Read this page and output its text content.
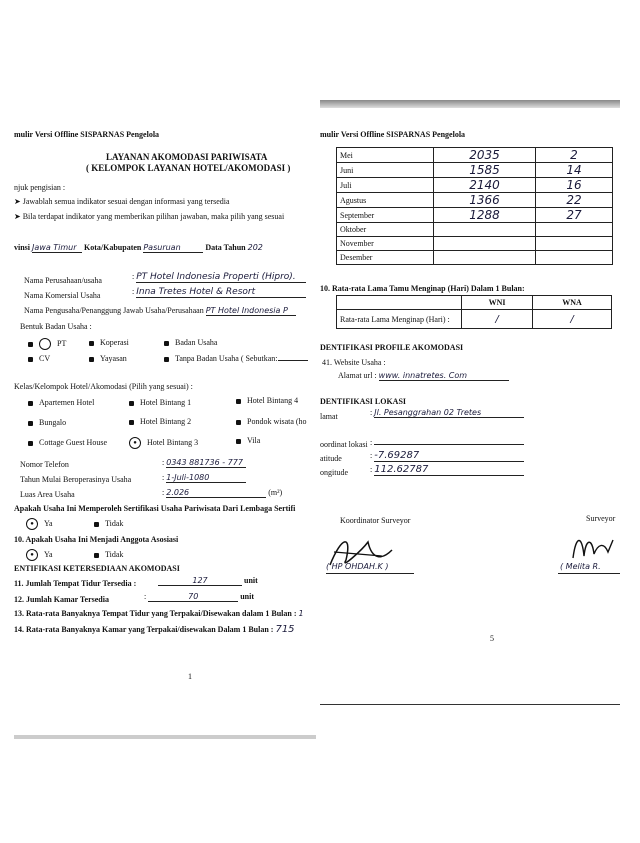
mulir Versi Offline SISPARNAS Pengelola
LAYANAN AKOMODASI PARIWISATA
( KELOMPOK LAYANAN HOTEL/AKOMODASI )
njuk pengisian :
➤ Jawablah semua indikator sesuai dengan informasi yang tersedia
➤ Bila terdapat indikator yang memberikan pilihan jawaban, maka pilih yang sesuai
vinsi Jawa Timur Kota/Kabupaten Pasuruan	Data Tahun 202
Nama Perusahaan/usaha	: PT Hotel Indonesia Properti (Hipro).
Nama Komersial Usaha	: Inna Tretes Hotel & Resort
Nama Pengusaha/Penanggung Jawab Usaha/Perusahaan PT Hotel Indonesia P
Bentuk Badan Usaha :
PT	Koperasi	Badan Usaha
CV	Yayasan	Tanpa Badan Usaha ( Sebutkan:
Kelas/Kelompok Hotel/Akomodasi (Pilih yang sesuai) :
Apartemen Hotel	Hotel Bintang 1	Hotel Bintang 4
Bungalo	Hotel Bintang 2	Pondok wisata (ho
Cottage Guest House	● Hotel Bintang 3	Vila
Nomor Telefon	: 0343 881736 - 777
Tahun Mulai Beroperasinya Usaha	: 1-Juli-1080
Luas Area Usaha	: 2.026	(m²)
Apakah Usaha Ini Memperoleh Sertifikasi Usaha Pariwisata Dari Lembaga Sertifi
● Ya	Tidak
10. Apakah Usaha Ini Menjadi Anggota Asosiasi
● Ya	Tidak
ENTIFIKASI KETERSEDIAAN AKOMODASI
11. Jumlah Tempat Tidur Tersedia :	127	unit
12. Jumlah Kamar Tersedia	:	70	unit
13. Rata-rata Banyaknya Tempat Tidur yang Terpakai/Disewakan dalam 1 Bulan : 1
14. Rata-rata Banyaknya Kamar yang Terpakai/disewakan Dalam 1 Bulan : 715
1
mulir Versi Offline SISPARNAS Pengelola
Mei	2035	2
Juni	1585	14
Juli	2140	16
Agustus	1366	22
September	1288	27
Oktober		
November		
Desember		
10. Rata-rata Lama Tamu Menginap (Hari) Dalam 1 Bulan:
	WNI	WNA
Rata-rata Lama Menginap (Hari) :	/	/
DENTIFIKASI PROFILE AKOMODASI
41. Website Usaha :
Alamat url : www. innatretes. Com
DENTIFIKASI LOKASI
lamat	: Jl. Pesanggrahan 02 Tretes
oordinat lokasi :
atitude	: -7.69287
ongitude	: 112.62787
Koordinator Surveyor	Surveyor
( HP OHDAH.K )	( Melita R.
5
